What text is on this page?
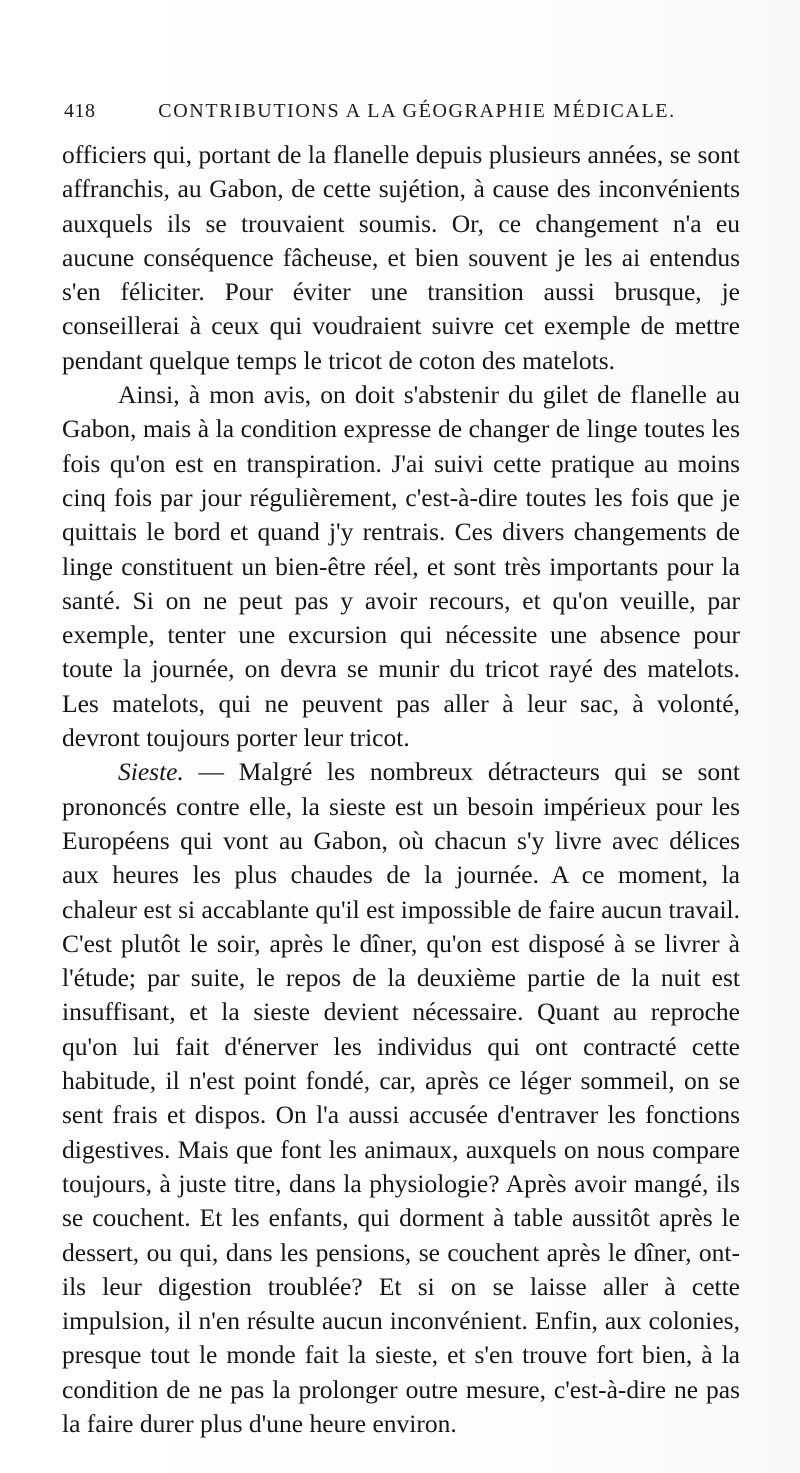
418	CONTRIBUTIONS A LA GÉOGRAPHIE MÉDICALE.

officiers qui, portant de la flanelle depuis plusieurs années, se sont affranchis, au Gabon, de cette sujétion, à cause des inconvénients auxquels ils se trouvaient soumis. Or, ce changement n'a eu aucune conséquence fâcheuse, et bien souvent je les ai entendus s'en féliciter. Pour éviter une transition aussi brusque, je conseillerai à ceux qui voudraient suivre cet exemple de mettre pendant quelque temps le tricot de coton des matelots.

Ainsi, à mon avis, on doit s'abstenir du gilet de flanelle au Gabon, mais à la condition expresse de changer de linge toutes les fois qu'on est en transpiration. J'ai suivi cette pratique au moins cinq fois par jour régulièrement, c'est-à-dire toutes les fois que je quittais le bord et quand j'y rentrais. Ces divers changements de linge constituent un bien-être réel, et sont très importants pour la santé. Si on ne peut pas y avoir recours, et qu'on veuille, par exemple, tenter une excursion qui nécessite une absence pour toute la journée, on devra se munir du tricot rayé des matelots. Les matelots, qui ne peuvent pas aller à leur sac, à volonté, devront toujours porter leur tricot.

Sieste. — Malgré les nombreux détracteurs qui se sont prononcés contre elle, la sieste est un besoin impérieux pour les Européens qui vont au Gabon, où chacun s'y livre avec délices aux heures les plus chaudes de la journée. A ce moment, la chaleur est si accablante qu'il est impossible de faire aucun travail. C'est plutôt le soir, après le dîner, qu'on est disposé à se livrer à l'étude; par suite, le repos de la deuxième partie de la nuit est insuffisant, et la sieste devient nécessaire. Quant au reproche qu'on lui fait d'énerver les individus qui ont contracté cette habitude, il n'est point fondé, car, après ce léger sommeil, on se sent frais et dispos. On l'a aussi accusée d'entraver les fonctions digestives. Mais que font les animaux, auxquels on nous compare toujours, à juste titre, dans la physiologie? Après avoir mangé, ils se couchent. Et les enfants, qui dorment à table aussitôt après le dessert, ou qui, dans les pensions, se couchent après le dîner, ont-ils leur digestion troublée? Et si on se laisse aller à cette impulsion, il n'en résulte aucun inconvénient. Enfin, aux colonies, presque tout le monde fait la sieste, et s'en trouve fort bien, à la condition de ne pas la prolonger outre mesure, c'est-à-dire ne pas la faire durer plus d'une heure environ.
